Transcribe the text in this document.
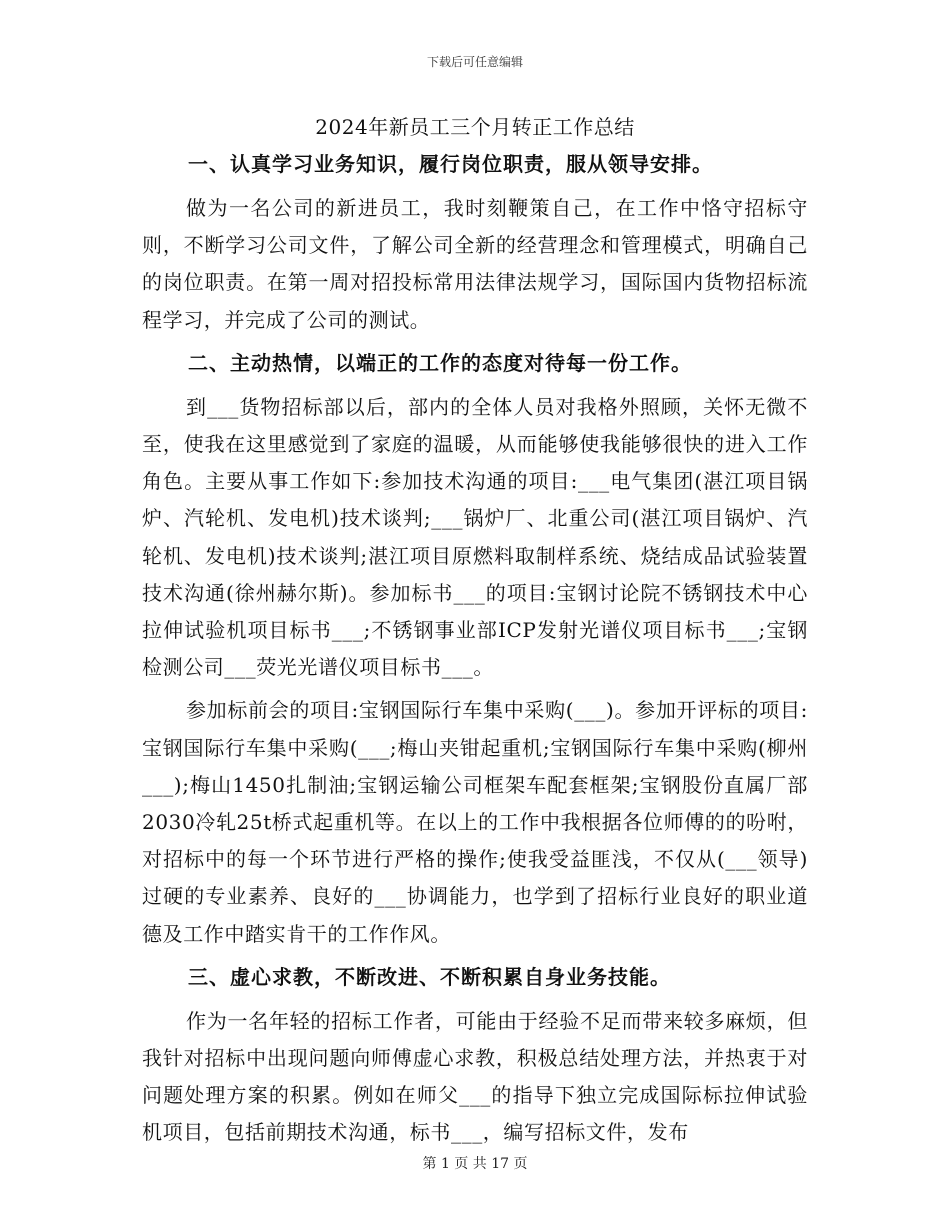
下载后可任意编辑
2024年新员工三个月转正工作总结
一、认真学习业务知识，履行岗位职责，服从领导安排。

做为一名公司的新进员工，我时刻鞭策自己，在工作中恪守招标守则，不断学习公司文件，了解公司全新的经营理念和管理模式，明确自己的岗位职责。在第一周对招投标常用法律法规学习，国际国内货物招标流程学习，并完成了公司的测试。

二、主动热情，以端正的工作的态度对待每一份工作。

到___货物招标部以后，部内的全体人员对我格外照顾，关怀无微不至，使我在这里感觉到了家庭的温暖，从而能够使我能够很快的进入工作角色。主要从事工作如下:参加技术沟通的项目:___电气集团(湛江项目锅炉、汽轮机、发电机)技术谈判;___锅炉厂、北重公司(湛江项目锅炉、汽轮机、发电机)技术谈判;湛江项目原燃料取制样系统、烧结成品试验装置技术沟通(徐州赫尔斯)。参加标书___的项目:宝钢讨论院不锈钢技术中心拉伸试验机项目标书___;不锈钢事业部ICP发射光谱仪项目标书___;宝钢检测公司___荧光光谱仪项目标书___。

参加标前会的项目:宝钢国际行车集中采购(___)。参加开评标的项目:宝钢国际行车集中采购(___;梅山夹钳起重机;宝钢国际行车集中采购(柳州___);梅山1450扎制油;宝钢运输公司框架车配套框架;宝钢股份直属厂部2030冷轧25t桥式起重机等。在以上的工作中我根据各位师傅的的吩咐，对招标中的每一个环节进行严格的操作;使我受益匪浅，不仅从(___领导)过硬的专业素养、良好的___协调能力，也学到了招标行业良好的职业道德及工作中踏实肯干的工作作风。

三、虚心求教，不断改进、不断积累自身业务技能。

作为一名年轻的招标工作者，可能由于经验不足而带来较多麻烦，但我针对招标中出现问题向师傅虚心求教，积极总结处理方法，并热衷于对问题处理方案的积累。例如在师父___的指导下独立完成国际标拉伸试验机项目，包括前期技术沟通，标书___，编写招标文件，发布

第 1 页 共 17 页
